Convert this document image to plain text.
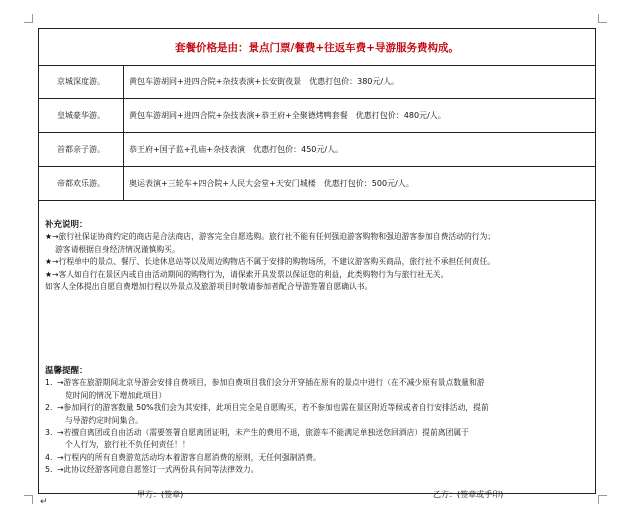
套餐价格是由：景点门票/餐费+往返车费+导游服务费构成。
京城深度游。	黄包车游胡同+进四合院+杂技表演+长安街夜景　优惠打包价：380元/人。
皇城豪华游。	黄包车游胡同+进四合院+杂技表演+恭王府+全聚德烤鸭套餐　优惠打包价：480元/人。
首都亲子游。	恭王府+国子监+孔庙+杂技表演　优惠打包价：450元/人。
帝都欢乐游。	奥运表演+三轮车+四合院+人民大会堂+天安门城楼　优惠打包价：500元/人。
补充说明：

★→旅行社保证协商约定的商店是合法商店，游客完全自愿选购。旅行社不能有任何强迫游客购物和强迫游客参加自费活动的行为；

游客请根据自身经济情况谨慎购买。

★→行程单中的景点、餐厅、长途休息站等以及周边购物店不属于安排的购物场所，不建议游客购买商品，旅行社不承担任何责任。

★→客人如自行在景区内或自由活动期间的购物行为，请保索开具发票以保证您的利益，此类购物行为与旅行社无关。

如客人全体提出自愿自费增加行程以外景点及旅游项目时敬请参加者配合导游签署自愿确认书。

温馨提醒：

1. →游客在旅游期间北京导游会安排自费项目，参加自费项目我们会分开穿插在原有的景点中进行（在不减少原有景点数量和游

览时间的情况下增加此项目）

2. →参加同行的游客数量 50%我们会为其安排，此项目完全是自愿购买，若不参加也需在景区附近等候或者自行安排活动，提前

与导游约定时间集合。

3. →若擅自离团或自由活动（需要签署自愿离团证明，未产生的费用不退，旅游车不能满足单独送您回酒店）提前离团属于

个人行为，旅行社不负任何责任！！

4. →行程内的所有自费游览活动均本着游客自愿消费的原则，无任何强制消费。

5. →此协议经游客同意自愿签订一式两份具有同等法律效力。

甲方：(签章)	乙方：(签章或手印)
↵
